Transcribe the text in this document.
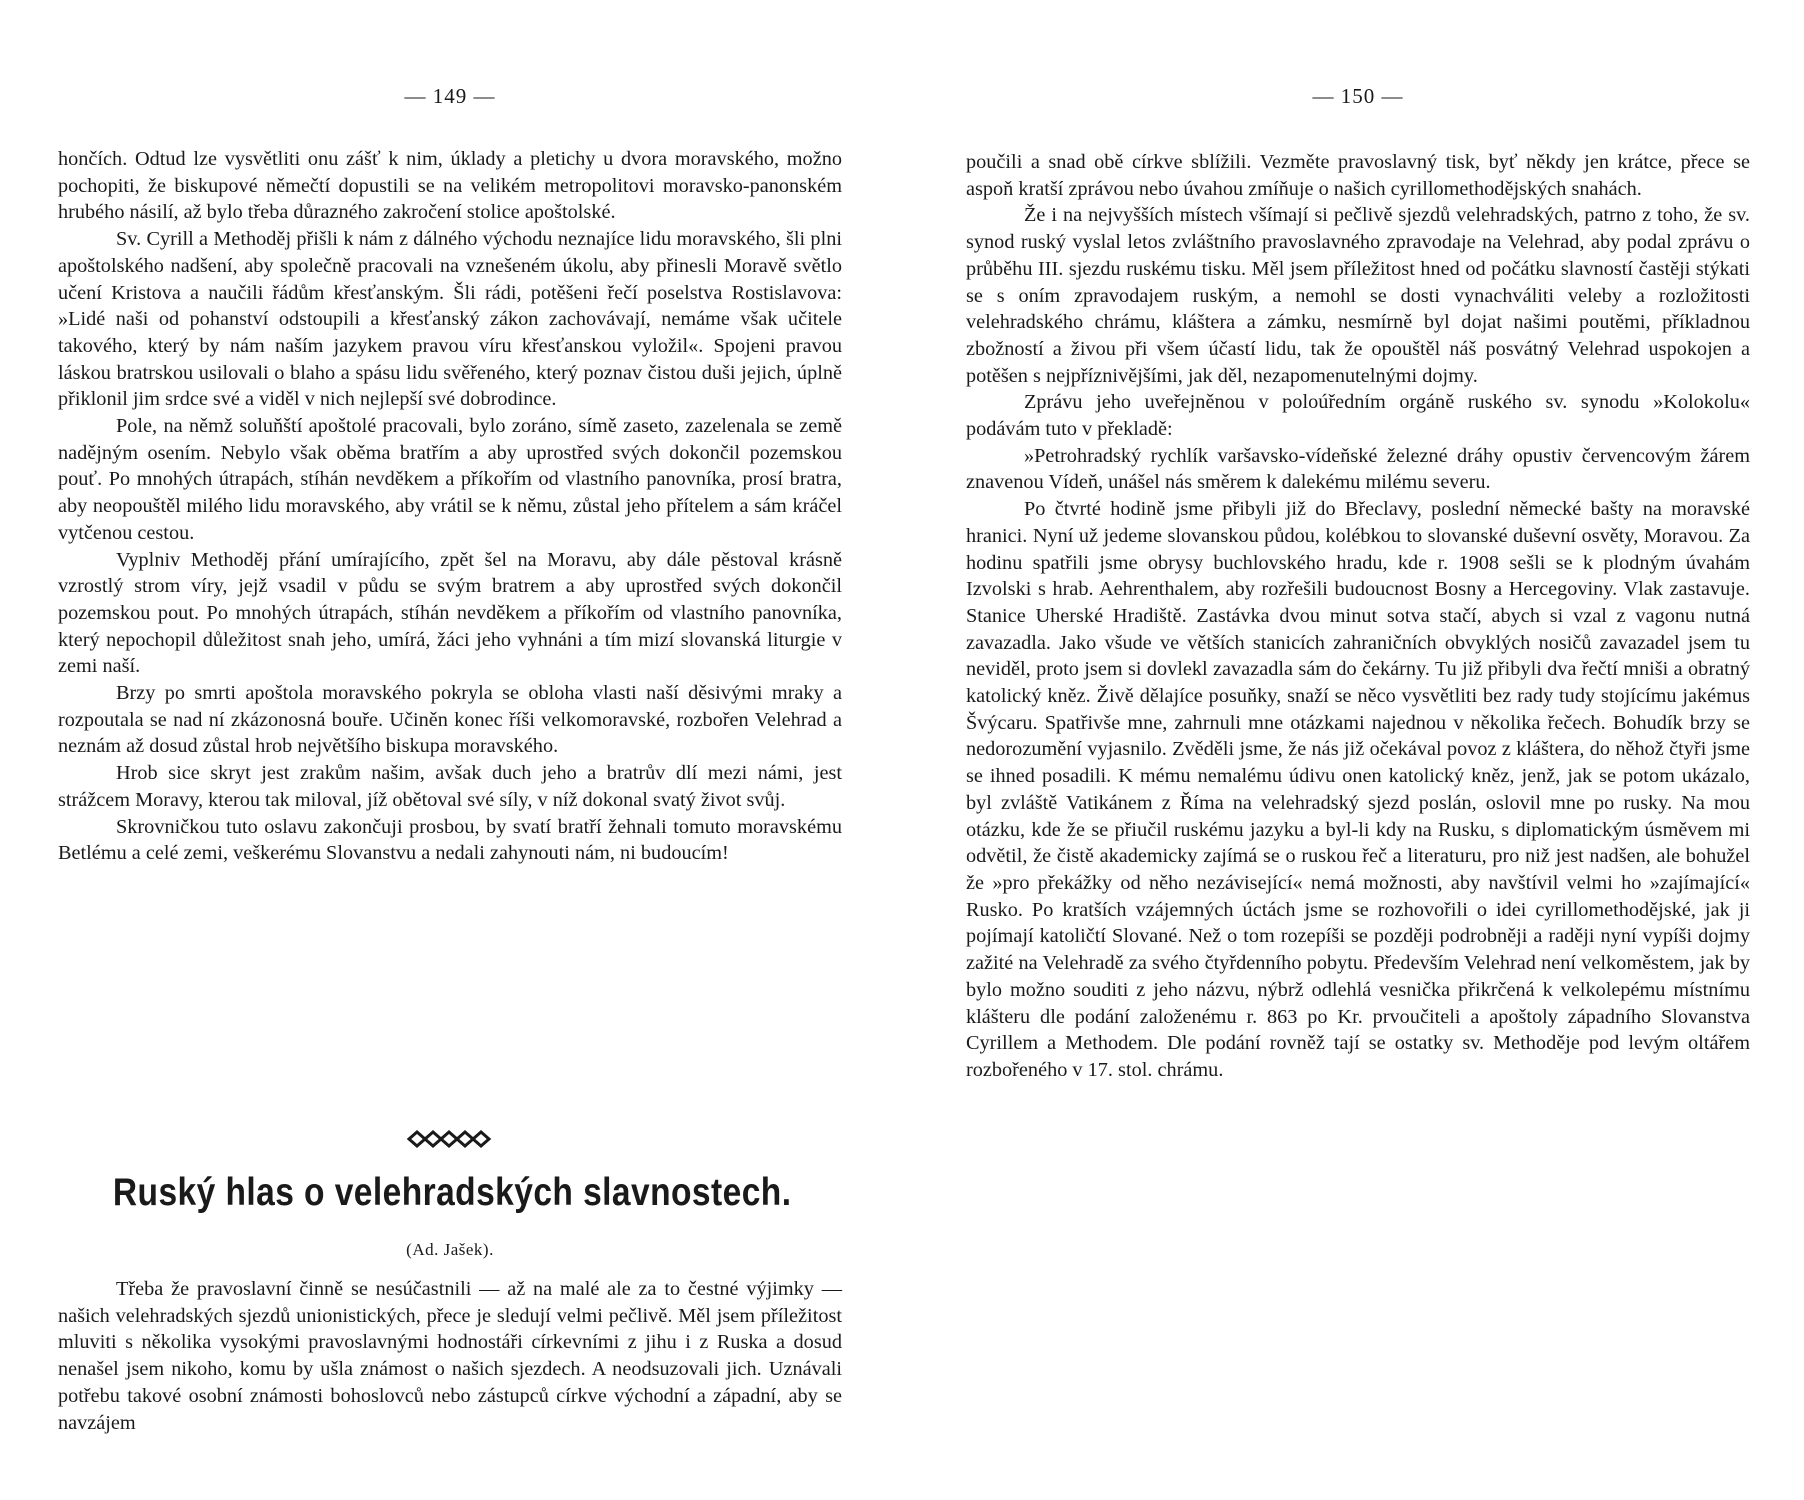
— 149 —

hončích. Odtud lze vysvětliti onu zášť k nim, úklady a pletichy u dvora moravského, možno pochopiti, že biskupové němečtí dopustili se na velikém metropolitovi moravsko-panonském hrubého násilí, až bylo třeba důrazného zakročení stolice apoštolské.

Sv. Cyrill a Methoděj přišli k nám z dálného východu neznajíce lidu moravského, šli plni apoštolského nadšení, aby společně pracovali na vznešeném úkolu, aby přinesli Moravě světlo učení Kristova a naučili řádům křesťanským. Šli rádi, potěšeni řečí poselstva Rostislavova: »Lidé naši od pohanství odstoupili a křesťanský zákon zachovávají, nemáme však učitele takového, který by nám naším jazykem pravou víru křesťanskou vyložil«. Spojeni pravou láskou bratrskou usilovali o blaho a spásu lidu svěřeného, který poznav čistou duši jejich, úplně přiklonil jim srdce své a viděl v nich nejlepší své dobrodince.

Pole, na němž soluňští apoštolé pracovali, bylo zoráno, símě zaseto, zazelenala se země nadějným osením. Nebylo však oběma bratřím a aby uprostřed svých dokončil pozemskou pouť. Po mnohých útrapách, stíhán nevděkem a příkořím od vlastního panovníka, prosí bratra, aby neopouštěl milého lidu moravského, aby vrátil se k němu, zůstal jeho přítelem a sám kráčel vytčenou cestou.

Vyplniv Methoděj přání umírajícího, zpět šel na Moravu, aby dále pěstoval krásně vzrostlý strom víry, jejž vsadil v půdu se svým bratrem a aby uprostřed svých dokončil pozemskou pout. Po mnohých útrapách, stíhán nevděkem a příkořím od vlastního panovníka, který nepochopil důležitost snah jeho, umírá, žáci jeho vyhnáni a tím mizí slovanská liturgie v zemi naší.

Brzy po smrti apoštola moravského pokryla se obloha vlasti naší děsivými mraky a rozpoutala se nad ní zkázonosná bouře. Učiněn konec říši velkomoravské, rozbořen Velehrad a neznám až dosud zůstal hrob největšího biskupa moravského.

Hrob sice skryt jest zrakům našim, avšak duch jeho a bratrův dlí mezi námi, jest strážcem Moravy, kterou tak miloval, jíž obětoval své síly, v níž dokonal svatý život svůj.

Skrovničkou tuto oslavu zakončuji prosbou, by svatí bratří žehnali tomuto moravskému Betlému a celé zemi, veškerému Slovanstvu a nedali zahynouti nám, ni budoucím!

Ruský hlas o velehradských slavnostech.
(Ad. Jašek).

Třeba že pravoslavní činně se nesúčastnili — až na malé ale za to čestné výjimky — našich velehradských sjezdů unionistických, přece je sledují velmi pečlivě. Měl jsem příležitost mluviti s několika vysokými pravoslavnými hodnostáři církevními z jihu i z Ruska a dosud nenašel jsem nikoho, komu by ušla známost o našich sjezdech. A neodsuzovali jich. Uznávali potřebu takové osobní známosti bohoslovců nebo zástupců církve východní a západní, aby se navzájem

— 150 —

poučili a snad obě církve sblížili. Vezměte pravoslavný tisk, byť někdy jen krátce, přece se aspoň kratší zprávou nebo úvahou zmíňuje o našich cyrillomethodějských snahách.

Že i na nejvyšších místech všímají si pečlivě sjezdů velehradských, patrno z toho, že sv. synod ruský vyslal letos zvláštního pravoslavného zpravodaje na Velehrad, aby podal zprávu o průběhu III. sjezdu ruskému tisku. Měl jsem příležitost hned od počátku slavností častěji stýkati se s oním zpravodajem ruským, a nemohl se dosti vynachváliti veleby a rozložitosti velehradského chrámu, kláštera a zámku, nesmírně byl dojat našimi poutěmi, příkladnou zbožností a živou při všem účastí lidu, tak že opouštěl náš posvátný Velehrad uspokojen a potěšen s nejpříznivějšími, jak děl, nezapomenutelnými dojmy.

Zprávu jeho uveřejněnou v poloúředním orgáně ruského sv. synodu »Kolokolu« podávám tuto v překladě:

»Petrohradský rychlík varšavsko-vídeňské železné dráhy opustiv červencovým žárem znavenou Vídeň, unášel nás směrem k dalekému milému severu.

Po čtvrté hodině jsme přibyli již do Břeclavy, poslední německé bašty na moravské hranici. Nyní už jedeme slovanskou půdou, kolébkou to slovanské duševní osvěty, Moravou. Za hodinu spatřili jsme obrysy buchlovského hradu, kde r. 1908 sešli se k plodným úvahám Izvolski s hrab. Aehrenthalem, aby rozřešili budoucnost Bosny a Hercegoviny. Vlak zastavuje. Stanice Uherské Hradiště. Zastávka dvou minut sotva stačí, abych si vzal z vagonu nutná zavazadla. Jako všude ve větších stanicích zahraničních obvyklých nosičů zavazadel jsem tu neviděl, proto jsem si dovlekl zavazadla sám do čekárny. Tu již přibyli dva řečtí mniši a obratný katolický kněz. Živě dělajíce posuňky, snaží se něco vysvětliti bez rady tudy stojícímu jakémus Švýcaru. Spatřivše mne, zahrnuli mne otázkami najednou v několika řečech. Bohudík brzy se nedorozumění vyjasnilo. Zvěděli jsme, že nás již očekával povoz z kláštera, do něhož čtyři jsme se ihned posadili. K mému nemalému údivu onen katolický kněz, jenž, jak se potom ukázalo, byl zvláště Vatikánem z Říma na velehradský sjezd poslán, oslovil mne po rusky. Na mou otázku, kde že se přiučil ruskému jazyku a byl-li kdy na Rusku, s diplomatickým úsměvem mi odvětil, že čistě akademicky zajímá se o ruskou řeč a literaturu, pro niž jest nadšen, ale bohužel že »pro překážky od něho nezávisející« nemá možnosti, aby navštívil velmi ho »zajímající« Rusko. Po kratších vzájemných úctách jsme se rozhovořili o idei cyrillomethodějské, jak ji pojímají katoličtí Slované. Než o tom rozepíši se později podrobněji a raději nyní vypíši dojmy zažité na Velehradě za svého čtyřdenního pobytu. Především Velehrad není velkoměstem, jak by bylo možno souditi z jeho názvu, nýbrž odlehlá vesnička přikrčená k velkolepému místnímu klášteru dle podání založenému r. 863 po Kr. prvoučiteli a apoštoly západního Slovanstva Cyrillem a Methodem. Dle podání rovněž tají se ostatky sv. Methoděje pod levým oltářem rozbořeného v 17. stol. chrámu.
